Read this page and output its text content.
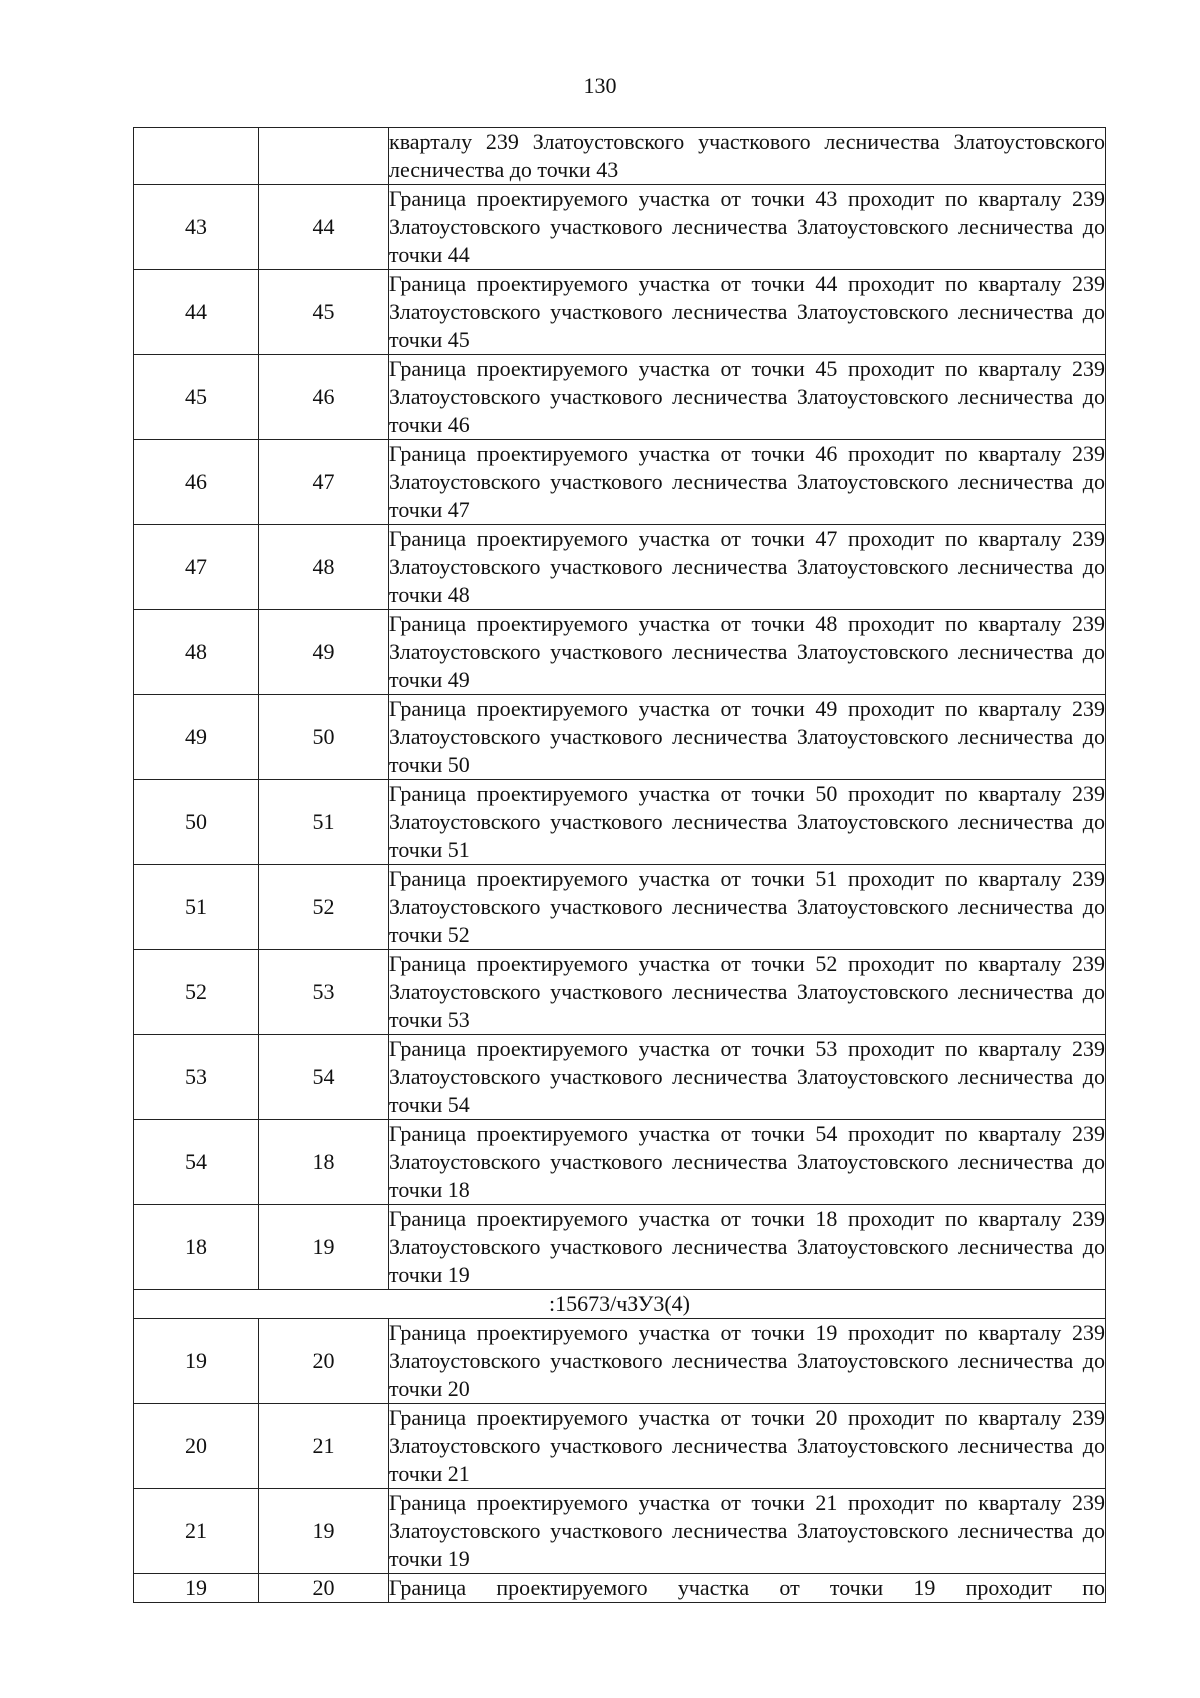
130
		кварталу 239 Златоустовского участкового лесничества Златоустовского лесничества до точки 43
43	44	Граница проектируемого участка от точки 43 проходит по кварталу 239 Златоустовского участкового лесничества Златоустовского лесничества до точки 44
44	45	Граница проектируемого участка от точки 44 проходит по кварталу 239 Златоустовского участкового лесничества Златоустовского лесничества до точки 45
45	46	Граница проектируемого участка от точки 45 проходит по кварталу 239 Златоустовского участкового лесничества Златоустовского лесничества до точки 46
46	47	Граница проектируемого участка от точки 46 проходит по кварталу 239 Златоустовского участкового лесничества Златоустовского лесничества до точки 47
47	48	Граница проектируемого участка от точки 47 проходит по кварталу 239 Златоустовского участкового лесничества Златоустовского лесничества до точки 48
48	49	Граница проектируемого участка от точки 48 проходит по кварталу 239 Златоустовского участкового лесничества Златоустовского лесничества до точки 49
49	50	Граница проектируемого участка от точки 49 проходит по кварталу 239 Златоустовского участкового лесничества Златоустовского лесничества до точки 50
50	51	Граница проектируемого участка от точки 50 проходит по кварталу 239 Златоустовского участкового лесничества Златоустовского лесничества до точки 51
51	52	Граница проектируемого участка от точки 51 проходит по кварталу 239 Златоустовского участкового лесничества Златоустовского лесничества до точки 52
52	53	Граница проектируемого участка от точки 52 проходит по кварталу 239 Златоустовского участкового лесничества Златоустовского лесничества до точки 53
53	54	Граница проектируемого участка от точки 53 проходит по кварталу 239 Златоустовского участкового лесничества Златоустовского лесничества до точки 54
54	18	Граница проектируемого участка от точки 54 проходит по кварталу 239 Златоустовского участкового лесничества Златоустовского лесничества до точки 18
18	19	Граница проектируемого участка от точки 18 проходит по кварталу 239 Златоустовского участкового лесничества Златоустовского лесничества до точки 19
:15673/чЗУ3(4)		
19	20	Граница проектируемого участка от точки 19 проходит по кварталу 239 Златоустовского участкового лесничества Златоустовского лесничества до точки 20
20	21	Граница проектируемого участка от точки 20 проходит по кварталу 239 Златоустовского участкового лесничества Златоустовского лесничества до точки 21
21	19	Граница проектируемого участка от точки 21 проходит по кварталу 239 Златоустовского участкового лесничества Златоустовского лесничества до точки 19
19	20	Граница проектируемого участка от точки 19 проходит по
